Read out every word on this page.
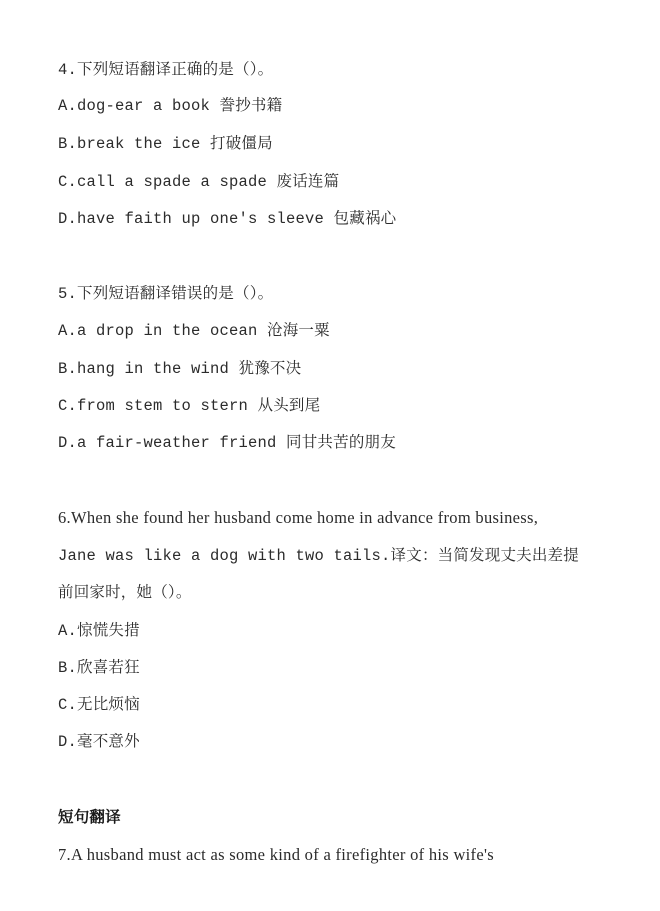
4.下列短语翻译正确的是（）。
A.dog-ear a book 誊抄书籍
B.break the ice 打破僵局
C.call a spade a spade 废话连篇
D.have faith up one's sleeve 包藏祸心
5.下列短语翻译错误的是（）。
A.a drop in the ocean 沧海一粟
B.hang in the wind 犹豫不决
C.from stem to stern 从头到尾
D.a fair-weather friend 同甘共苦的朋友
6.When she found her husband come home in advance from business,
Jane was like a dog with two tails.译文：当简发现丈夫出差提
前回家时，她（）。
A.惊慌失措
B.欣喜若狂
C.无比烦恼
D.毫不意外
短句翻译
7.A husband must act as some kind of a firefighter of his wife's
